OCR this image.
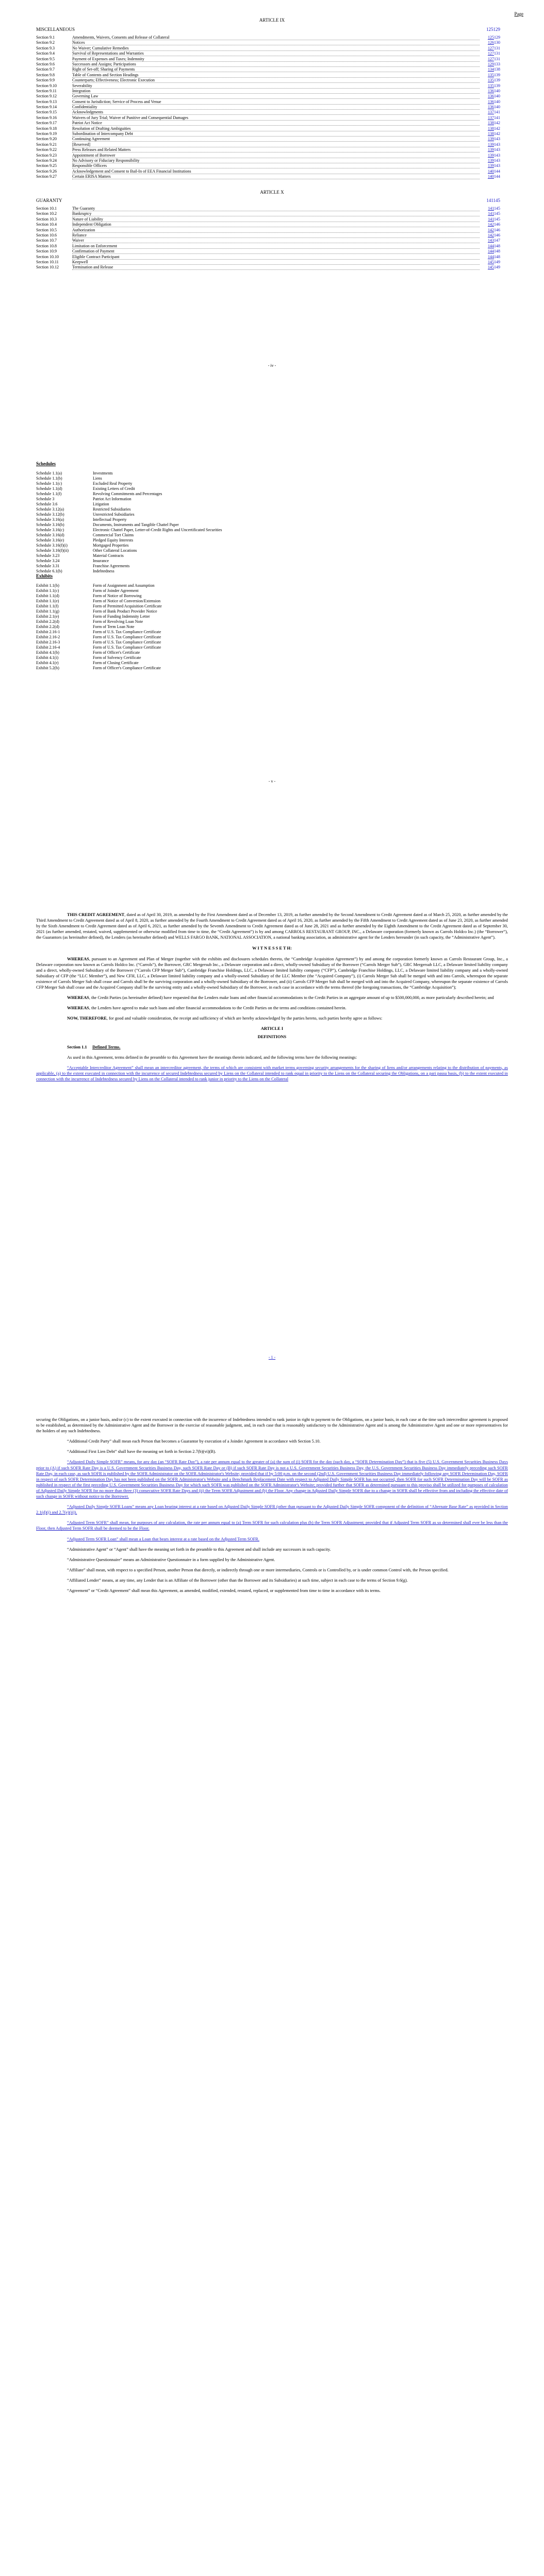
Page
ARTICLE IX
MISCELLANEOUS	125129
Section 9.1	Amendments, Waivers, Consents and Release of Collateral	125129
Section 9.2	Notices	126130
Section 9.3	No Waiver; Cumulative Remedies	127131
Section 9.4	Survival of Representations and Warranties	127131
Section 9.5	Payment of Expenses and Taxes; Indemnity	127131
Section 9.6	Successors and Assigns; Participations	129133
Section 9.7	Right of Set-off; Sharing of Payments	134138
Section 9.8	Table of Contents and Section Headings	135139
Section 9.9	Counterparts; Effectiveness; Electronic Execution	135139
Section 9.10	Severability	135139
Section 9.11	Integration	136140
Section 9.12	Governing Law	136140
Section 9.13	Consent to Jurisdiction; Service of Process and Venue	136140
Section 9.14	Confidentiality	136140
Section 9.15	Acknowledgments	137141
Section 9.16	Waivers of Jury Trial; Waiver of Punitive and Consequential Damages	137141
Section 9.17	Patriot Act Notice	138142
Section 9.18	Resolution of Drafting Ambiguities	138142
Section 9.19	Subordination of Intercompany Debt	138142
Section 9.20	Continuing Agreement	139143
Section 9.21	[Reserved]	139143
Section 9.22	Press Releases and Related Matters	139143
Section 9.23	Appointment of Borrower	139143
Section 9.24	No Advisory or Fiduciary Responsibility	139143
Section 9.25	Responsible Officers	139143
Section 9.26	Acknowledgement and Consent to Bail-In of EEA Financial Institutions	140144
Section 9.27	Certain ERISA Matters	140144
ARTICLE X
GUARANTY	141145
Section 10.1	The Guaranty	141145
Section 10.2	Bankruptcy	141145
Section 10.3	Nature of Liability	141145
Section 10.4	Independent Obligation	142146
Section 10.5	Authorization	142146
Section 10.6	Reliance	142146
Section 10.7	Waiver	143147
Section 10.8	Limitation on Enforcement	144148
Section 10.9	Confirmation of Payment	144148
Section 10.10	Eligible Contract Participant	144148
Section 10.11	Keepwell	145149
Section 10.12	Termination and Release	145149
- iv -
Schedules
Schedule 1.1(a)	Investments
Schedule 1.1(b)	Liens
Schedule 1.1(c)	Excluded Real Property
Schedule 1.1(d)	Existing Letters of Credit
Schedule 1.1(f)	Revolving Commitments and Percentages
Schedule 3	Patriot Act Information
Schedule 3.6	Litigation
Schedule 3.12(a)	Restricted Subsidiaries
Schedule 3.12(b)	Unrestricted Subsidiaries
Schedule 3.16(a)	Intellectual Property
Schedule 3.16(b)	Documents, Instruments and Tangible Chattel Paper
Schedule 3.16(c)	Electronic Chattel Paper, Letter-of-Credit Rights and Uncertificated Securities
Schedule 3.16(d)	Commercial Tort Claims
Schedule 3.16(e)	Pledged Equity Interests
Schedule 3.16(f)(i)	Mortgaged Properties
Schedule 3.16(f)(ii)	Other Collateral Locations
Schedule 3.23	Material Contracts
Schedule 3.24	Insurance
Schedule 3.31	Franchise Agreements
Schedule 6.1(b)	Indebtedness
Exhibits
Exhibit 1.1(b)	Form of Assignment and Assumption
Exhibit 1.1(c)	Form of Joinder Agreement
Exhibit 1.1(d)	Form of Notice of Borrowing
Exhibit 1.1(e)	Form of Notice of Conversion/Extension
Exhibit 1.1(f)	Form of Permitted Acquisition Certificate
Exhibit 1.1(g)	Form of Bank Product Provider Notice
Exhibit 2.1(e)	Form of Funding Indemnity Letter
Exhibit 2.2(d)	Form of Revolving Loan Note
Exhibit 2.2(d)	Form of Term Loan Note
Exhibit 2.16-1	Form of U.S. Tax Compliance Certificate
Exhibit 2.16-2	Form of U.S. Tax Compliance Certificate
Exhibit 2.16-3	Form of U.S. Tax Compliance Certificate
Exhibit 2.16-4	Form of U.S. Tax Compliance Certificate
Exhibit 4.1(b)	Form of Officer's Certificate
Exhibit 4.1(i)	Form of Solvency Certificate
Exhibit 4.1(r)	Form of Closing Certificate
Exhibit 5.2(b)	Form of Officer's Compliance Certificate
- v -

THIS CREDIT AGREEMENT, dated as of April 30, 2019, as amended by the First Amendment dated as of December 13, 2019, as further amended by the Second Amendment to Credit Agreement dated as of March 25, 2020, as further amended by the Third Amendment to Credit Agreement dated as of April 8, 2020, as further amended by the Fourth Amendment to Credit Agreement dated as of April 16, 2020, as further amended by the Fifth Amendment to Credit Agreement dated as of June 23, 2020, as further amended by the Sixth Amendment to Credit Agreement dated as of April 6, 2021, as further amended by the Seventh Amendment to Credit Agreement dated as of June 28, 2021 and as further amended by the Eighth Amendment to the Credit Agreement dated as of September 30, 2021 (as further amended, restated, waived, supplemented or otherwise modified from time to time, the “Credit Agreement”) is by and among CARROLS RESTAURANT GROUP, INC., a Delaware corporation (formerly known as Carrols Holdco Inc.) (the “Borrower”), the Guarantors (as hereinafter defined), the Lenders (as hereinafter defined) and WELLS FARGO BANK, NATIONAL ASSOCIATION, a national banking association, as administrative agent for the Lenders hereunder (in such capacity, the “Administrative Agent”).

W I T N E S S E T H:

WHEREAS, pursuant to an Agreement and Plan of Merger (together with the exhibits and disclosures schedules thereto, the “Cambridge Acquisition Agreement”) by and among the corporation formerly known as Carrols Restaurant Group, Inc., a Delaware corporation now known as Carrols Holdco Inc. (“Carrols”), the Borrower, GRC Mergersub Inc., a Delaware corporation and a direct, wholly-owned Subsidiary of the Borrower (“Carrols Merger Sub”), GRC Mergersub LLC, a Delaware limited liability company and a direct, wholly-owned Subsidiary of the Borrower (“Carrols CFP Merger Sub”), Cambridge Franchise Holdings, LLC, a Delaware limited liability company (“CFP”), Cambridge Franchise Holdings, LLC, a Delaware limited liability company and a wholly-owned Subsidiary of CFP (the “LLC Member”), and New CFH, LLC, a Delaware limited liability company and a wholly-owned Subsidiary of the LLC Member (the “Acquired Company”), (i) Carrols Merger Sub shall be merged with and into Carrols, whereupon the separate existence of Carrols Merger Sub shall cease and Carrols shall be the surviving corporation and a wholly-owned Subsidiary of the Borrower, and (ii) Carrols CFP Merger Sub shall be merged with and into the Acquired Company, whereupon the separate existence of Carrols CFP Merger Sub shall cease and the Acquired Company shall be the surviving entity and a wholly-owned Subsidiary of the Borrower, in each case in accordance with the terms thereof (the foregoing transactions, the “Cambridge Acquisition”);

WHEREAS, the Credit Parties (as hereinafter defined) have requested that the Lenders make loans and other financial accommodations to the Credit Parties in an aggregate amount of up to $500,000,000, as more particularly described herein; and

WHEREAS, the Lenders have agreed to make such loans and other financial accommodations to the Credit Parties on the terms and conditions contained herein.

NOW, THEREFORE, for good and valuable consideration, the receipt and sufficiency of which are hereby acknowledged by the parties hereto, such parties hereby agree as follows:

ARTICLE I

DEFINITIONS

Section 1.1 Defined Terms.

As used in this Agreement, terms defined in the preamble to this Agreement have the meanings therein indicated, and the following terms have the following meanings:

“Acceptable Intercreditor Agreement” shall mean an intercreditor agreement, the terms of which are consistent with market terms governing security arrangements for the sharing of liens and/or arrangements relating to the distribution of payments, as applicable, (a) to the extent executed in connection with the incurrence of secured Indebtedness secured by Liens on the Collateral intended to rank equal in priority to the Liens on the Collateral securing the Obligations, on a pari passu basis, (b) to the extent executed in connection with the incurrence of Indebtedness secured by Liens on the Collateral intended to rank junior in priority to the Liens on the Collateral

- 1 -

securing the Obligations, on a junior basis, and/or (c) to the extent executed in connection with the incurrence of Indebtedness intended to rank junior in right to payment to the Obligations, on a junior basis, in each case at the time such intercreditor agreement is proposed to be established, as determined by the Administrative Agent and the Borrower in the exercise of reasonable judgment, and, in each case that is reasonably satisfactory to the Administrative Agent and is among the Administrative Agent and one or more representatives for the holders of any such Indebtedness.

“Additional Credit Party” shall mean each Person that becomes a Guarantor by execution of a Joinder Agreement in accordance with Section 5.10.

“Additional First Lien Debt” shall have the meaning set forth in Section 2.7(b)(vi)(B).

“Adjusted Daily Simple SOFR” means, for any day (an “SOFR Rate Day”), a rate per annum equal to the greater of (a) the sum of (i) SOFR for the day (such day, a “SOFR Determination Day”) that is five (5) U.S. Government Securities Business Days prior to (A) if such SOFR Rate Day is a U.S. Government Securities Business Day, such SOFR Rate Day or (B) if such SOFR Rate Day is not a U.S. Government Securities Business Day, the U.S. Government Securities Business Day immediately preceding such SOFR Rate Day, in each case, as such SOFR is published by the SOFR Administrator on the SOFR Administrator's Website; provided that if by 5:00 p.m. on the second (2nd) U.S. Government Securities Business Day immediately following any SOFR Determination Day, SOFR in respect of such SOFR Determination Day has not been published on the SOFR Administrator's Website and a Benchmark Replacement Date with respect to Adjusted Daily Simple SOFR has not occurred, then SOFR for such SOFR Determination Day will be SOFR as published in respect of the first preceding U.S. Government Securities Business Day for which such SOFR was published on the SOFR Administrator's Website; provided further that SOFR as determined pursuant to this proviso shall be utilized for purposes of calculation of Adjusted Daily Simple SOFR for no more than three (3) consecutive SOFR Rate Days and (ii) the Term SOFR Adjustment and (b) the Floor. Any change in Adjusted Daily Simple SOFR due to a change in SOFR shall be effective from and including the effective date of such change in SOFR without notice to the Borrower.

“Adjusted Daily Simple SOFR Loans” means any Loan bearing interest at a rate based on Adjusted Daily Simple SOFR (other than pursuant to the Adjusted Daily Simple SOFR component of the definition of “Alternate Base Rate” as provided in Section 2.1(d)(i) and 2.7(e)(ii)).

“Adjusted Term SOFR” shall mean, for purposes of any calculation, the rate per annum equal to (a) Term SOFR for such calculation plus (b) the Term SOFR Adjustment; provided that if Adjusted Term SOFR as so determined shall ever be less than the Floor, then Adjusted Term SOFR shall be deemed to be the Floor.

“Adjusted Term SOFR Loan” shall mean a Loan that bears interest at a rate based on the Adjusted Term SOFR.

“Administrative Agent” or “Agent” shall have the meaning set forth in the preamble to this Agreement and shall include any successors in such capacity.

“Administrative Questionnaire” means an Administrative Questionnaire in a form supplied by the Administrative Agent.

“Affiliate” shall mean, with respect to a specified Person, another Person that directly, or indirectly through one or more intermediaries, Controls or is Controlled by, or is under common Control with, the Person specified.

“Affiliated Lender” means, at any time, any Lender that is an Affiliate of the Borrower (other than the Borrower and its Subsidiaries) at such time, subject in each case to the terms of Section 9.6(g).

“Agreement” or “Credit Agreement” shall mean this Agreement, as amended, modified, extended, restated, replaced, or supplemented from time to time in accordance with its terms.
